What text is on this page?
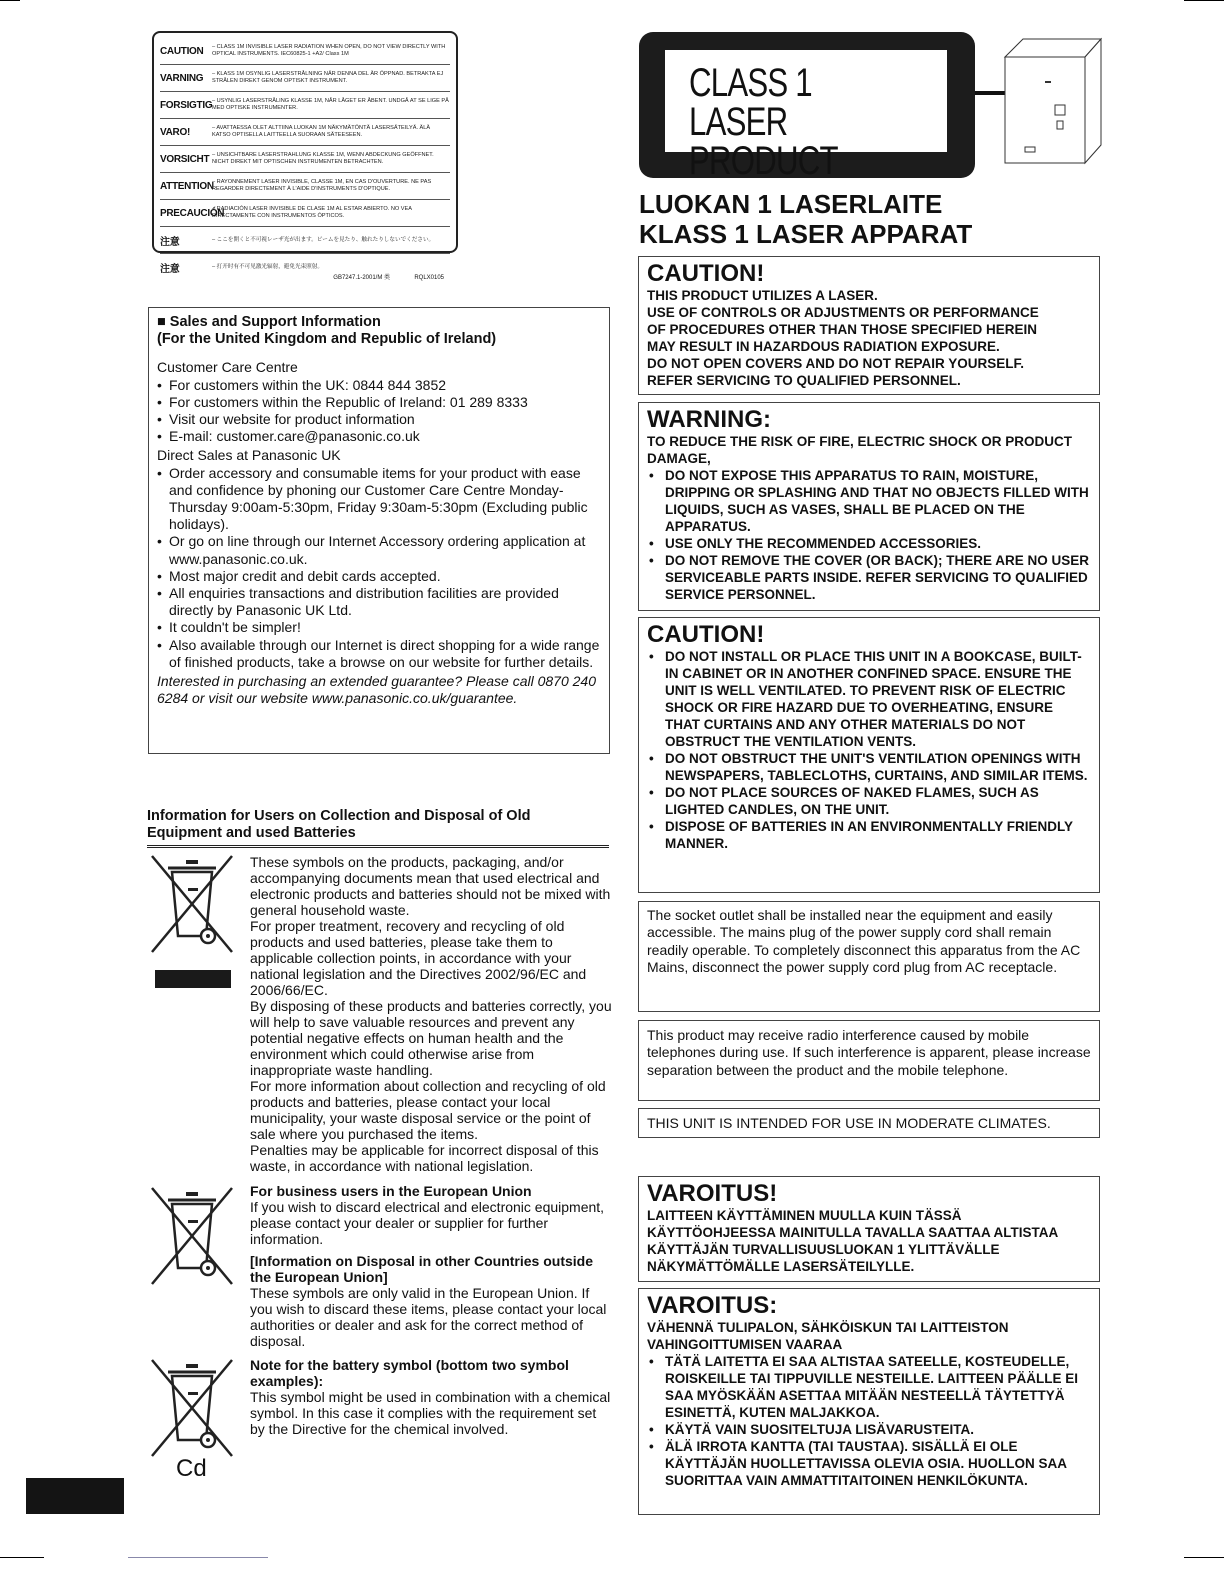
CAUTION	– CLASS 1M INVISIBLE LASER RADIATION WHEN OPEN, DO NOT VIEW DIRECTLY WITH OPTICAL INSTRUMENTS. IEC60825-1 +A2/ Class 1M
VARNING	– KLASS 1M OSYNLIG LASERSTRÅLNING NÄR DENNA DEL ÄR ÖPPNAD. BETRAKTA EJ STRÅLEN DIREKT GENOM OPTISKT INSTRUMENT.
FORSIGTIG – USYNLIG LASERSTRÅLING KLASSE 1M, NÅR LÅGET ER ÅBENT. UNDGÅ AT SE LIGE PÅ MED OPTISKE INSTRUMENTER.
VARO!	– AVATTAESSA OLET ALTTIINA LUOKAN 1M NÄKYMÄTÖNTÄ LASERSÄTEILYÄ. ÄLÄ KATSO OPTISELLA LAITTEELLA SUORAAN SÄTEESEEN.
VORSICHT – UNSICHTBARE LASERSTRAHLUNG KLASSE 1M, WENN ABDECKUNG GEÖFFNET. NICHT DIREKT MIT OPTISCHEN INSTRUMENTEN BETRACHTEN.
ATTENTION
– RAYONNEMENT LASER INVISIBLE, CLASSE 1M, EN CAS D'OUVERTURE. NE PAS REGARDER DIRECTEMENT À L'AIDE D'INSTRUMENTS D'OPTIQUE.
PRECAUCIÓN
– RADIACIÓN LASER INVISIBLE DE CLASE 1M AL ESTAR ABIERTO. NO VEA DIRECTAMENTE CON INSTRUMENTOS ÓPTICOS.
注意	– ここを開くと不可視レーザ光が出ます。ビームを見たり、触れたりしないでください。
注意	– 打开时有不可见激光辐射，避免光束照射。
GB7247.1-2001/M 类	RQLX0105
CLASS 1
LASER PRODUCT
LUOKAN 1 LASERLAITE
KLASS 1 LASER APPARAT

CAUTION!

THIS PRODUCT UTILIZES A LASER.

USE OF CONTROLS OR ADJUSTMENTS OR PERFORMANCE

OF PROCEDURES OTHER THAN THOSE SPECIFIED HEREIN

MAY RESULT IN HAZARDOUS RADIATION EXPOSURE.

DO NOT OPEN COVERS AND DO NOT REPAIR YOURSELF.

REFER SERVICING TO QUALIFIED PERSONNEL.

WARNING:

TO REDUCE THE RISK OF FIRE, ELECTRIC SHOCK OR PRODUCT DAMAGE,

• DO NOT EXPOSE THIS APPARATUS TO RAIN, MOISTURE, DRIPPING OR SPLASHING AND THAT NO OBJECTS FILLED WITH LIQUIDS, SUCH AS VASES, SHALL BE PLACED ON THE APPARATUS.
• USE ONLY THE RECOMMENDED ACCESSORIES.
• DO NOT REMOVE THE COVER (OR BACK); THERE ARE NO USER SERVICEABLE PARTS INSIDE. REFER SERVICING TO QUALIFIED SERVICE PERSONNEL.

CAUTION!

• DO NOT INSTALL OR PLACE THIS UNIT IN A BOOKCASE, BUILT-IN CABINET OR IN ANOTHER CONFINED SPACE. ENSURE THE UNIT IS WELL VENTILATED. TO PREVENT RISK OF ELECTRIC SHOCK OR FIRE HAZARD DUE TO OVERHEATING, ENSURE THAT CURTAINS AND ANY OTHER MATERIALS DO NOT OBSTRUCT THE VENTILATION VENTS.
• DO NOT OBSTRUCT THE UNIT'S VENTILATION OPENINGS WITH NEWSPAPERS, TABLECLOTHS, CURTAINS, AND SIMILAR ITEMS.
• DO NOT PLACE SOURCES OF NAKED FLAMES, SUCH AS LIGHTED CANDLES, ON THE UNIT.
• DISPOSE OF BATTERIES IN AN ENVIRONMENTALLY FRIENDLY MANNER.

The socket outlet shall be installed near the equipment and easily accessible. The mains plug of the power supply cord shall remain readily operable. To completely disconnect this apparatus from the AC Mains, disconnect the power supply cord plug from AC receptacle.

This product may receive radio interference caused by mobile telephones during use. If such interference is apparent, please increase separation between the product and the mobile telephone.

THIS UNIT IS INTENDED FOR USE IN MODERATE CLIMATES.

VAROITUS!

LAITTEEN KÄYTTÄMINEN MUULLA KUIN TÄSSÄ

KÄYTTÖOHJEESSA MAINITULLA TAVALLA SAATTAA ALTISTAA

KÄYTTÄJÄN TURVALLISUUSLUOKAN 1 YLITTÄVÄLLE

NÄKYMÄTTÖMÄLLE LASERSÄTEILYLLE.

VAROITUS:

VÄHENNÄ TULIPALON, SÄHKÖISKUN TAI LAITTEISTON VAHINGOITTUMISEN VAARAA

• TÄTÄ LAITETTA EI SAA ALTISTAA SATEELLE, KOSTEUDELLE, ROISKEILLE TAI TIPPUVILLE NESTEILLE. LAITTEEN PÄÄLLE EI SAA MYÖSKÄÄN ASETTAA MITÄÄN NESTEELLÄ TÄYTETTYÄ ESINETTÄ, KUTEN MALJAKKOA.
• KÄYTÄ VAIN SUOSITELTUJA LISÄVARUSTEITA.
• ÄLÄ IRROTA KANTTA (TAI TAUSTAA). SISÄLLÄ EI OLE KÄYTTÄJÄN HUOLLETTAVISSA OLEVIA OSIA. HUOLLON SAA SUORITTAA VAIN AMMATTITAITOINEN HENKILÖKUNTA.

■ Sales and Support Information

(For the United Kingdom and Republic of Ireland)

Customer Care Centre

• For customers within the UK: 0844 844 3852

• For customers within the Republic of Ireland: 01 289 8333

• Visit our website for product information

• E-mail: customer.care@panasonic.co.uk

Direct Sales at Panasonic UK

• Order accessory and consumable items for your product with ease and confidence by phoning our Customer Care Centre Monday-Thursday 9:00am-5:30pm, Friday 9:30am-5:30pm (Excluding public holidays).

• Or go on line through our Internet Accessory ordering application at www.panasonic.co.uk.

• Most major credit and debit cards accepted.

• All enquiries transactions and distribution facilities are provided directly by Panasonic UK Ltd.

• It couldn't be simpler!

• Also available through our Internet is direct shopping for a wide range of finished products, take a browse on our website for further details.

Interested in purchasing an extended guarantee? Please call 0870 240 6284 or visit our website www.panasonic.co.uk/guarantee.

Information for Users on Collection and Disposal of Old Equipment and used Batteries

These symbols on the products, packaging, and/or accompanying documents mean that used electrical and electronic products and batteries should not be mixed with general household waste.

For proper treatment, recovery and recycling of old products and used batteries, please take them to applicable collection points, in accordance with your national legislation and the Directives 2002/96/EC and 2006/66/EC.

By disposing of these products and batteries correctly, you will help to save valuable resources and prevent any potential negative effects on human health and the environment which could otherwise arise from inappropriate waste handling.

For more information about collection and recycling of old products and batteries, please contact your local municipality, your waste disposal service or the point of sale where you purchased the items.

Penalties may be applicable for incorrect disposal of this waste, in accordance with national legislation.

For business users in the European Union

If you wish to discard electrical and electronic equipment, please contact your dealer or supplier for further information.

[Information on Disposal in other Countries outside the European Union]

These symbols are only valid in the European Union. If you wish to discard these items, please contact your local authorities or dealer and ask for the correct method of disposal.

Cd

Note for the battery symbol (bottom two symbol examples):

This symbol might be used in combination with a chemical symbol. In this case it complies with the requirement set by the Directive for the chemical involved.
